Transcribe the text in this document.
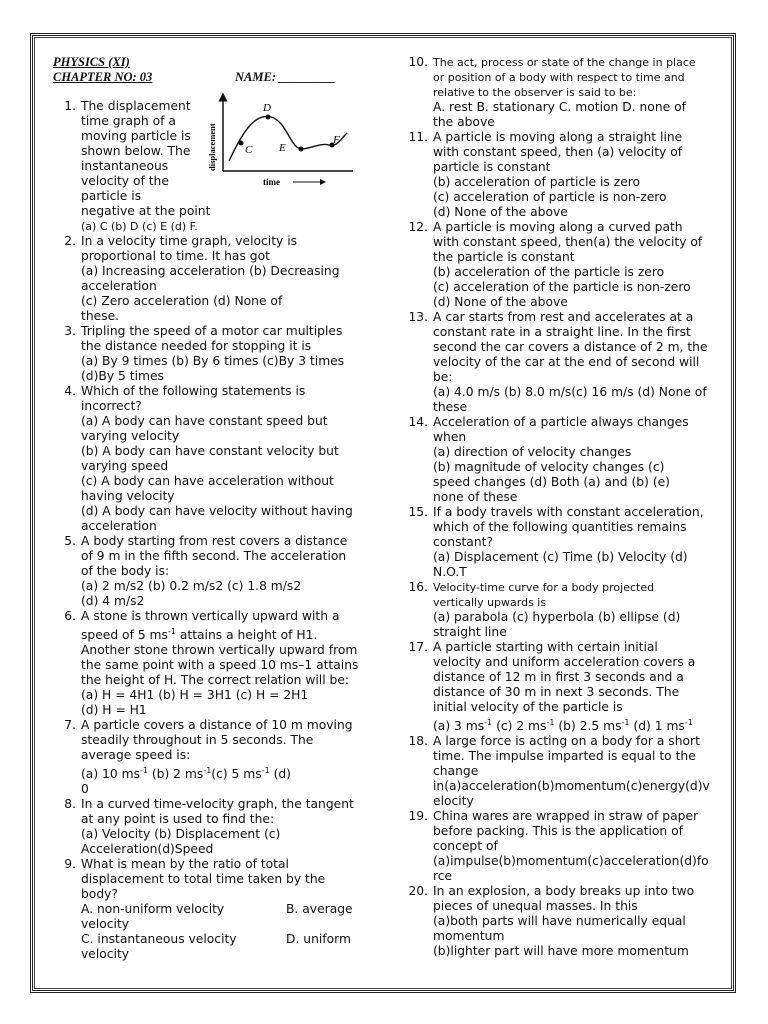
PHYSICS (XI)
CHAPTER NO: 03	NAME: _________
1. The displacement
time graph of a
moving particle is
shown below. The
instantaneous
velocity of the
particle is
negative at the point
(a) C (b) D (c) E (d) F.
displacement
time
D
C E
F
2. In a velocity time graph, velocity is
proportional to time. It has got
(a) Increasing acceleration (b) Decreasing
acceleration
(c) Zero acceleration (d) None of
these.
3. Tripling the speed of a motor car multiples
the distance needed for stopping it is
(a) By 9 times (b) By 6 times (c)By 3 times
(d)By 5 times
4. Which of the following statements is
incorrect?
(a) A body can have constant speed but
varying velocity
(b) A body can have constant velocity but
varying speed
(c) A body can have acceleration without
having velocity
(d) A body can have velocity without having
acceleration
5. A body starting from rest covers a distance
of 9 m in the fifth second. The acceleration
of the body is:
(a) 2 m/s2 (b) 0.2 m/s2 (c) 1.8 m/s2
(d) 4 m/s2
6. A stone is thrown vertically upward with a
speed of 5 $ms^{-1}$ attains a height of H1.
Another stone thrown vertically upward from
the same point with a speed 10 ms–1 attains
the height of H. The correct relation will be:
(a) H = 4H1 (b) H = 3H1 (c) H = 2H1
(d) H = H1
7. A particle covers a distance of 10 m moving
steadily throughout in 5 seconds. The
average speed is:
(a) 10 $ms^{-1}$ (b) 2 $ms^{-1}(c)$ 5 $ms^{-1}$ (d)
0
8. In a curved time-velocity graph, the tangent
at any point is used to find the:
(a) Velocity (b) Displacement (c)
Acceleration(d)Speed
9. What is mean by the ratio of total
displacement to total time taken by the
body?
A. non-uniform velocity	B. average
velocity
C. instantaneous velocity	D. uniform
velocity
10. The act, process or state of the change in place
or position of a body with respect to time and
relative to the observer is said to be:
A. rest B. stationary C. motion D. none of
the above
11. A particle is moving along a straight line
with constant speed, then (a) velocity of
particle is constant
(b) acceleration of particle is zero
(c) acceleration of particle is non-zero
(d) None of the above
12. A particle is moving along a curved path
with constant speed, then(a) the velocity of
the particle is constant
(b) acceleration of the particle is zero
(c) acceleration of the particle is non-zero
(d) None of the above
13. A car starts from rest and accelerates at a
constant rate in a straight line. In the first
second the car covers a distance of 2 m, the
velocity of the car at the end of second will
be:
(a) 4.0 m/s (b) 8.0 m/s(c) 16 m/s (d) None of
these
14. Acceleration of a particle always changes
when
(a) direction of velocity changes
(b) magnitude of velocity changes (c)
speed changes (d) Both (a) and (b) (e)
none of these
15. If a body travels with constant acceleration,
which of the following quantities remains
constant?
(a) Displacement (c) Time (b) Velocity (d)
N.O.T
16. Velocity-time curve for a body projected
vertically upwards is
(a) parabola (c) hyperbola (b) ellipse (d)
straight line
17. A particle starting with certain initial
velocity and uniform acceleration covers a
distance of 12 m in first 3 seconds and a
distance of 30 m in next 3 seconds. The
initial velocity of the particle is
(a) 3 $ms^{-1}$ (c) 2 $ms^{-1}$ (b) 2.5 $ms^{-1}$ (d) 1 $ms^{-1}$
18. A large force is acting on a body for a short
time. The impulse imparted is equal to the
change
in(a)acceleration(b)momentum(c)energy(d)v
elocity
19. China wares are wrapped in straw of paper
before packing. This is the application of
concept of
(a)impulse(b)momentum(c)acceleration(d)fo
rce
20. In an explosion, a body breaks up into two
pieces of unequal masses. In this
(a)both parts will have numerically equal
momentum
(b)lighter part will have more momentum
